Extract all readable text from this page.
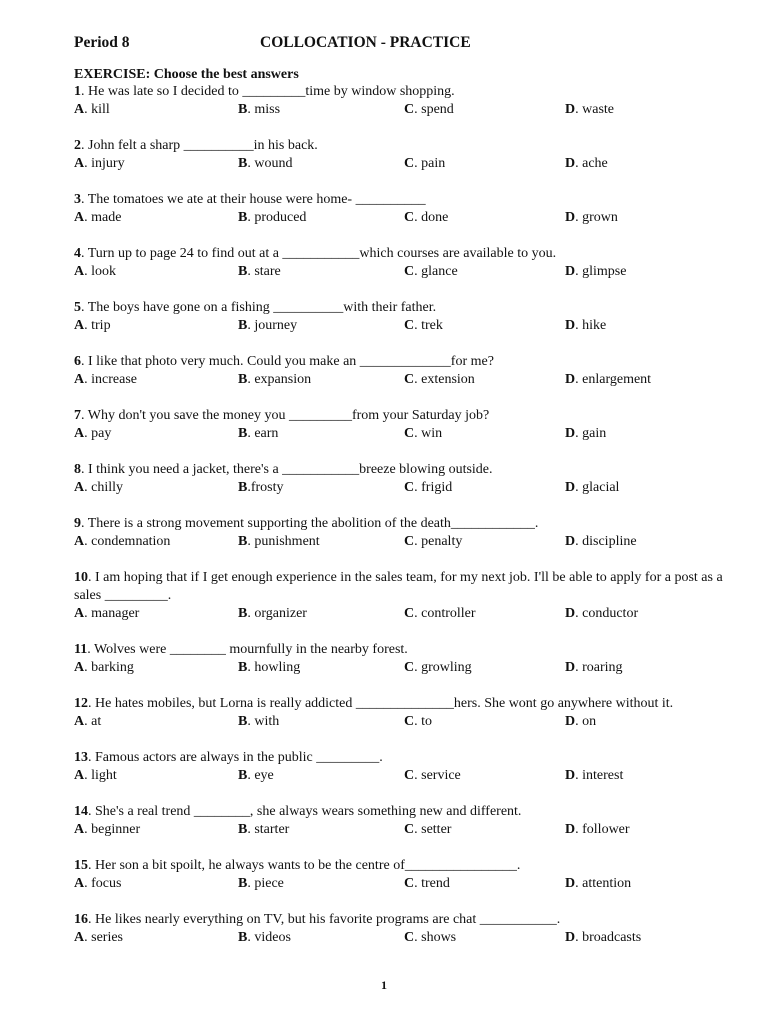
Period 8	COLLOCATION - PRACTICE
EXERCISE: Choose the best answers
1. He was late so I decided to _________time by window shopping.
A. kill	B. miss	C. spend	D. waste
2. John felt a sharp __________in his back.
A. injury	B. wound	C. pain	D. ache
3. The tomatoes we ate at their house were home- __________
A. made	B. produced	C. done	D. grown
4. Turn up to page 24 to find out at a ___________which courses are available to you.
A. look	B. stare	C. glance	D. glimpse
5. The boys have gone on a fishing __________with their father.
A. trip	B. journey	C. trek	D. hike
6. I like that photo very much. Could you make an _____________for me?
A. increase	B. expansion	C. extension	D. enlargement
7. Why don't you save the money you _________from your Saturday job?
A. pay	B. earn	C. win	D. gain
8. I think you need a jacket, there's a ___________breeze blowing outside.
A. chilly	B.frosty	C. frigid	D. glacial
9. There is a strong movement supporting the abolition of the death____________.
A. condemnation	B. punishment	C. penalty	D. discipline
10. I am hoping that if I get enough experience in the sales team, for my next job. I'll be able to apply for a post as a sales _________.
A. manager	B. organizer	C. controller	D. conductor
11. Wolves were ________ mournfully in the nearby forest.
A. barking	B. howling	C. growling	D. roaring
12. He hates mobiles, but Lorna is really addicted ______________hers. She wont go anywhere without it.
A. at	B. with	C. to	D. on
13. Famous actors are always in the public _________.
A. light	B. eye	C. service	D. interest
14. She's a real trend ________, she always wears something new and different.
A. beginner	B. starter	C. setter	D. follower
15. Her son a bit spoilt, he always wants to be the centre of________________.
A. focus	B. piece	C. trend	D. attention
16. He likes nearly everything on TV, but his favorite programs are chat ___________.
A. series	B. videos	C. shows	D. broadcasts
1
